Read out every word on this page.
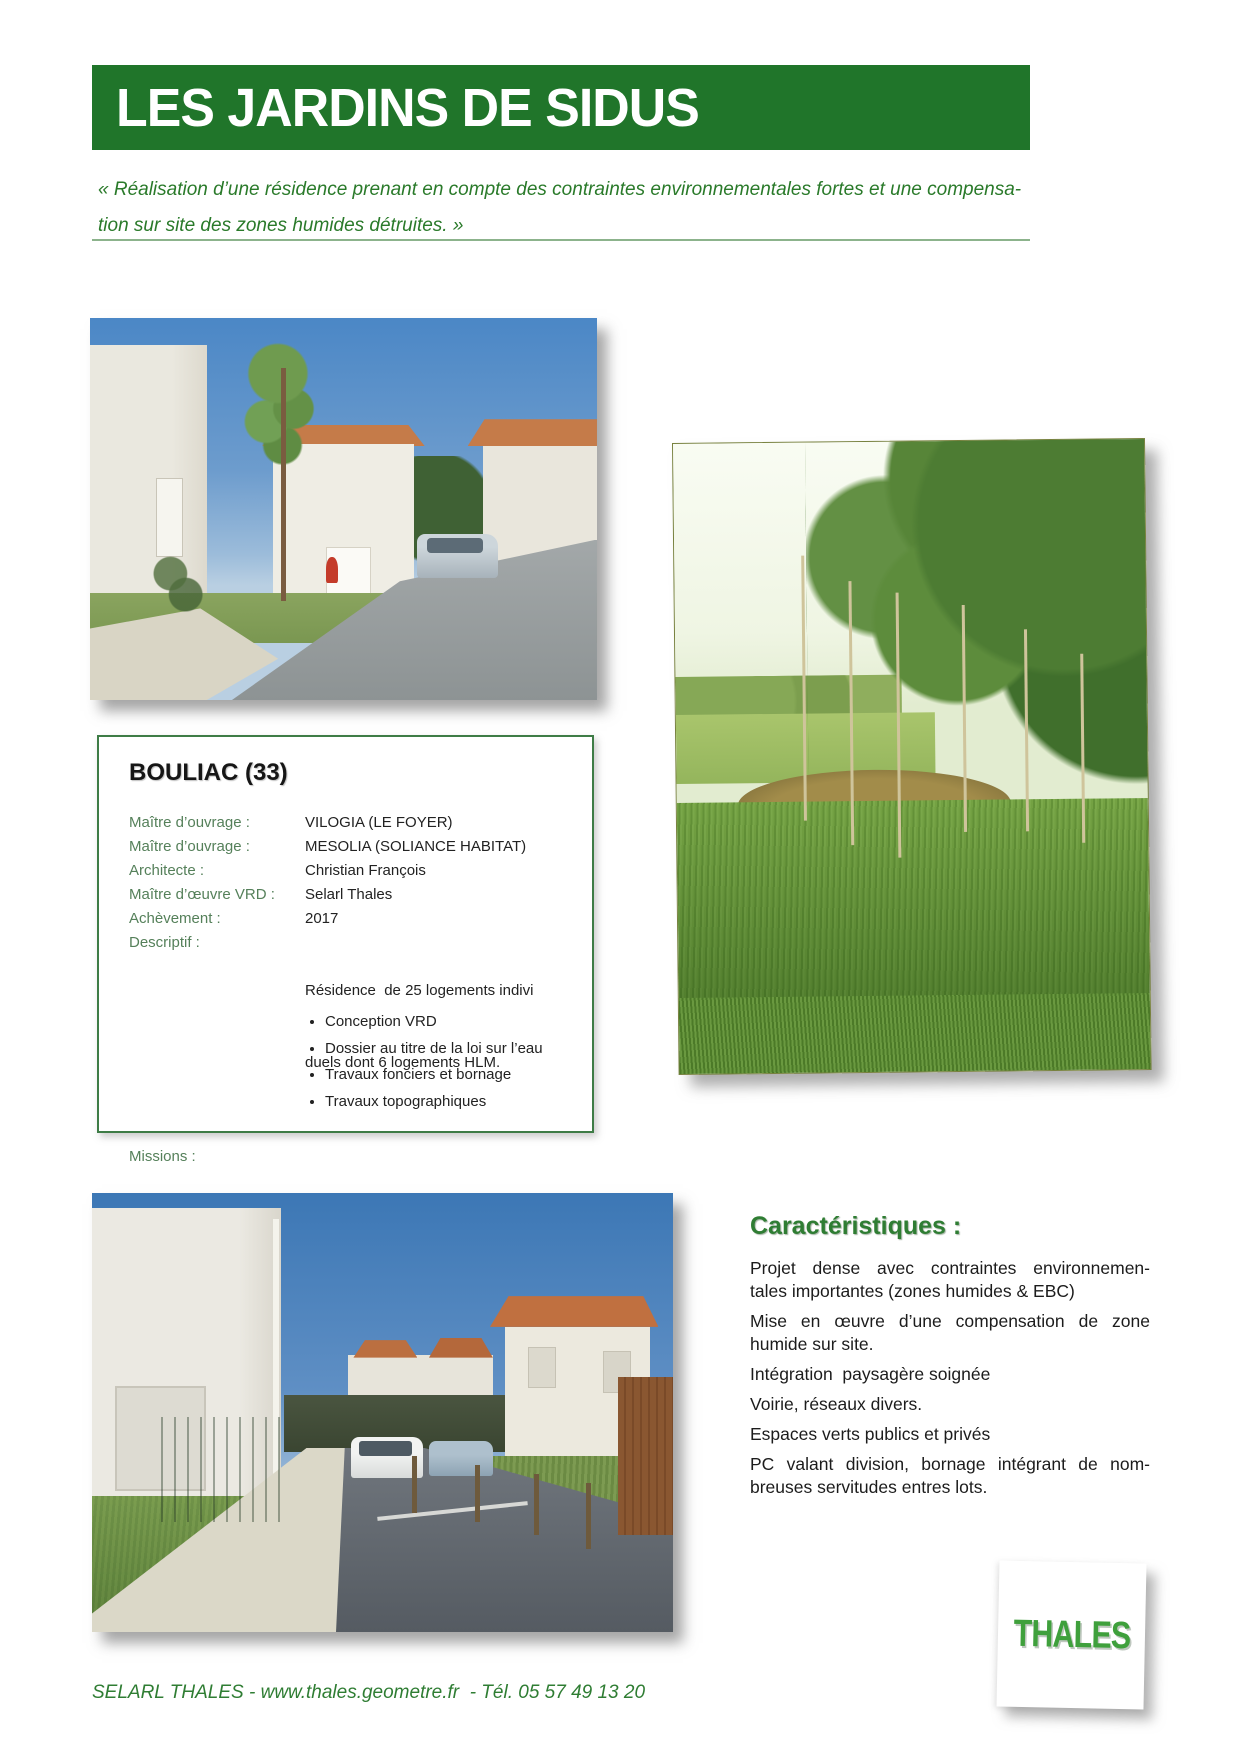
LES JARDINS DE SIDUS
« Réalisation d’une résidence prenant en compte des contraintes environnementales fortes et une compensa-
tion sur site des zones humides détruites. »
BOULIAC (33)
Maître d’ouvrage :	VILOGIA (LE FOYER)
Maître d’ouvrage :	MESOLIA (SOLIANCE HABITAT)
Architecte :	Christian François
Maître d’œuvre VRD :	Selarl Thales
Achèvement :	2017
Descriptif :

Résidence  de 25 logements indivi

duels dont 6 logements HLM.

Missions :
• Conception VRD
• Dossier au titre de la loi sur l’eau
• Travaux fonciers et bornage
• Travaux topographiques
Caractéristiques :
Projet dense avec contraintes environnemen-
tales importantes (zones humides & EBC)
Mise en œuvre d’une compensation de zone
humide sur site.
Intégration  paysagère soignée
Voirie, réseaux divers.
Espaces verts publics et privés
PC valant division, bornage intégrant de nom-
breuses servitudes entres lots.
THALES
SELARL THALES - www.thales.geometre.fr  - Tél. 05 57 49 13 20
